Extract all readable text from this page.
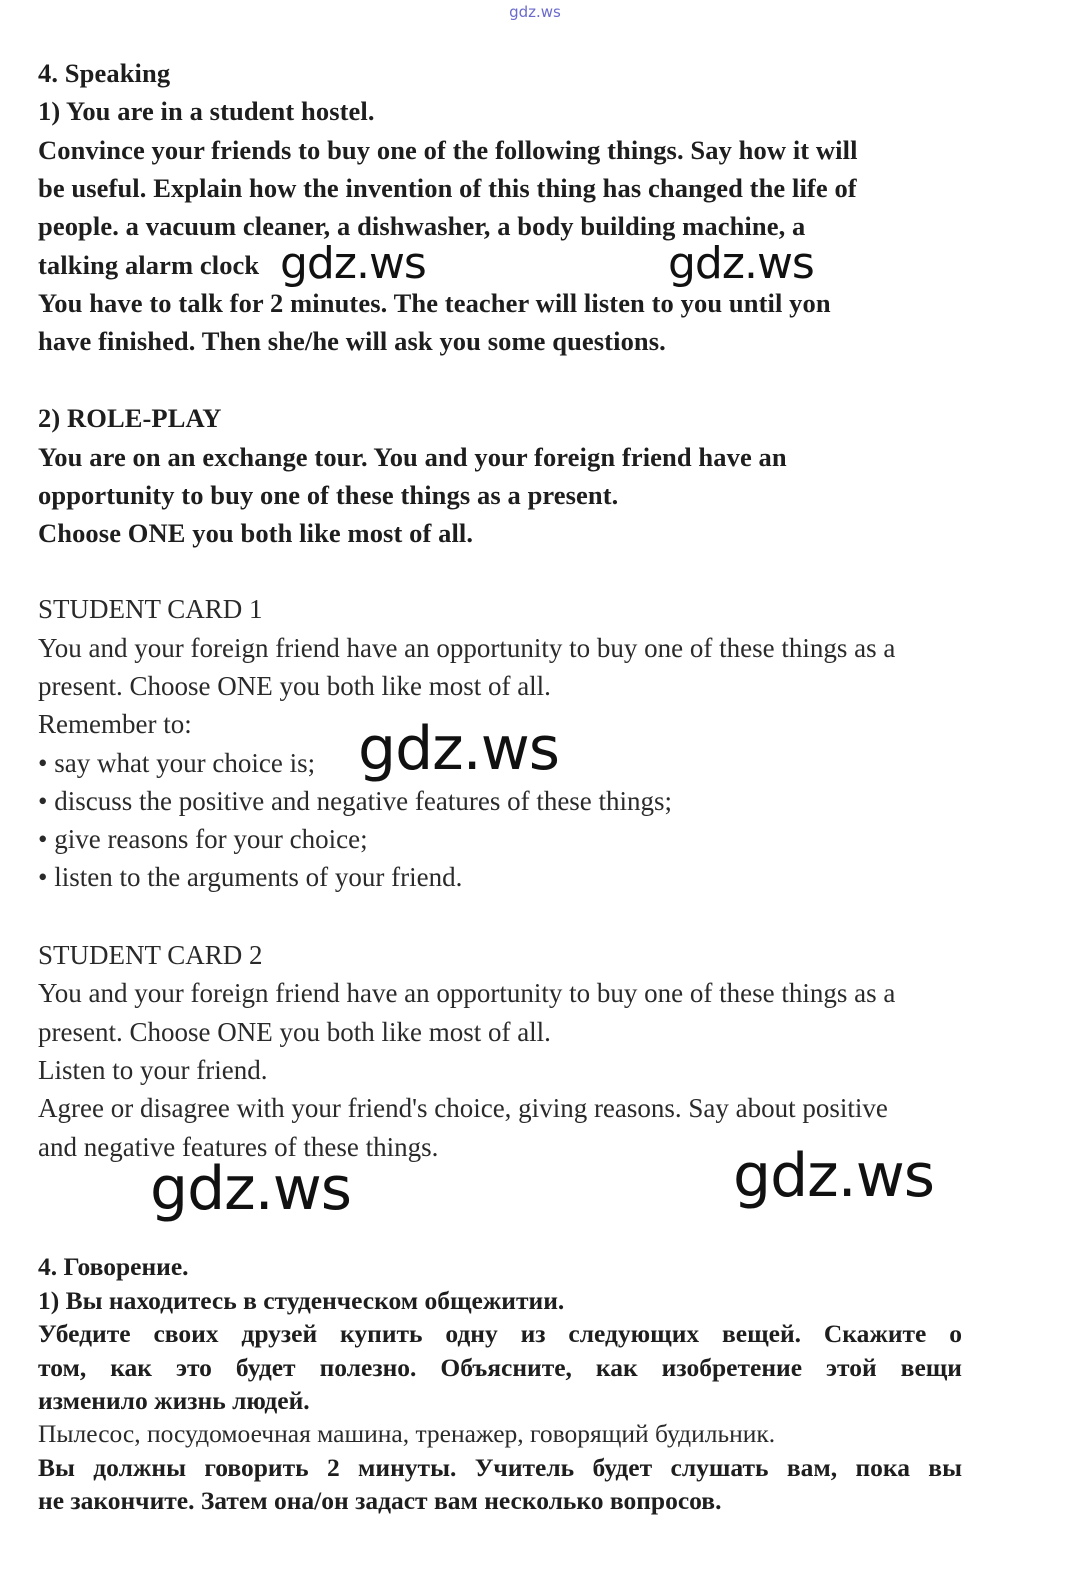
gdz.ws
4. Speaking
1) You are in a student hostel.
Convince your friends to buy one of the following things. Say how it will
be useful. Explain how the invention of this thing has changed the life of
people. a vacuum cleaner, a dishwasher, a body building machine, a
talking alarm clock
You have to talk for 2 minutes. The teacher will listen to you until yon
have finished. Then she/he will ask you some questions.
2) ROLE-PLAY
You are on an exchange tour. You and your foreign friend have an
opportunity to buy one of these things as a present.
Choose ONE you both like most of all.
STUDENT CARD 1
You and your foreign friend have an opportunity to buy one of these things as a
present. Choose ONE you both like most of all.
Remember to:
• say what your choice is;
• discuss the positive and negative features of these things;
• give reasons for your choice;
• listen to the arguments of your friend.
STUDENT CARD 2
You and your foreign friend have an opportunity to buy one of these things as a
present. Choose ONE you both like most of all.
Listen to your friend.
Agree or disagree with your friend's choice, giving reasons. Say about positive
and negative features of these things.
4. Говорение.
1) Вы находитесь в студенческом общежитии.
Убедите своих друзей купить одну из следующих вещей. Скажите о
том, как это будет полезно. Объясните, как изобретение этой вещи
изменило жизнь людей.
Пылесос, посудомоечная машина, тренажер, говорящий будильник.
Вы должны говорить 2 минуты. Учитель будет слушать вам, пока вы
не закончите. Затем она/он задаст вам несколько вопросов.
gdz.ws	gdz.ws
gdz.ws
gdz.ws	gdz.ws
